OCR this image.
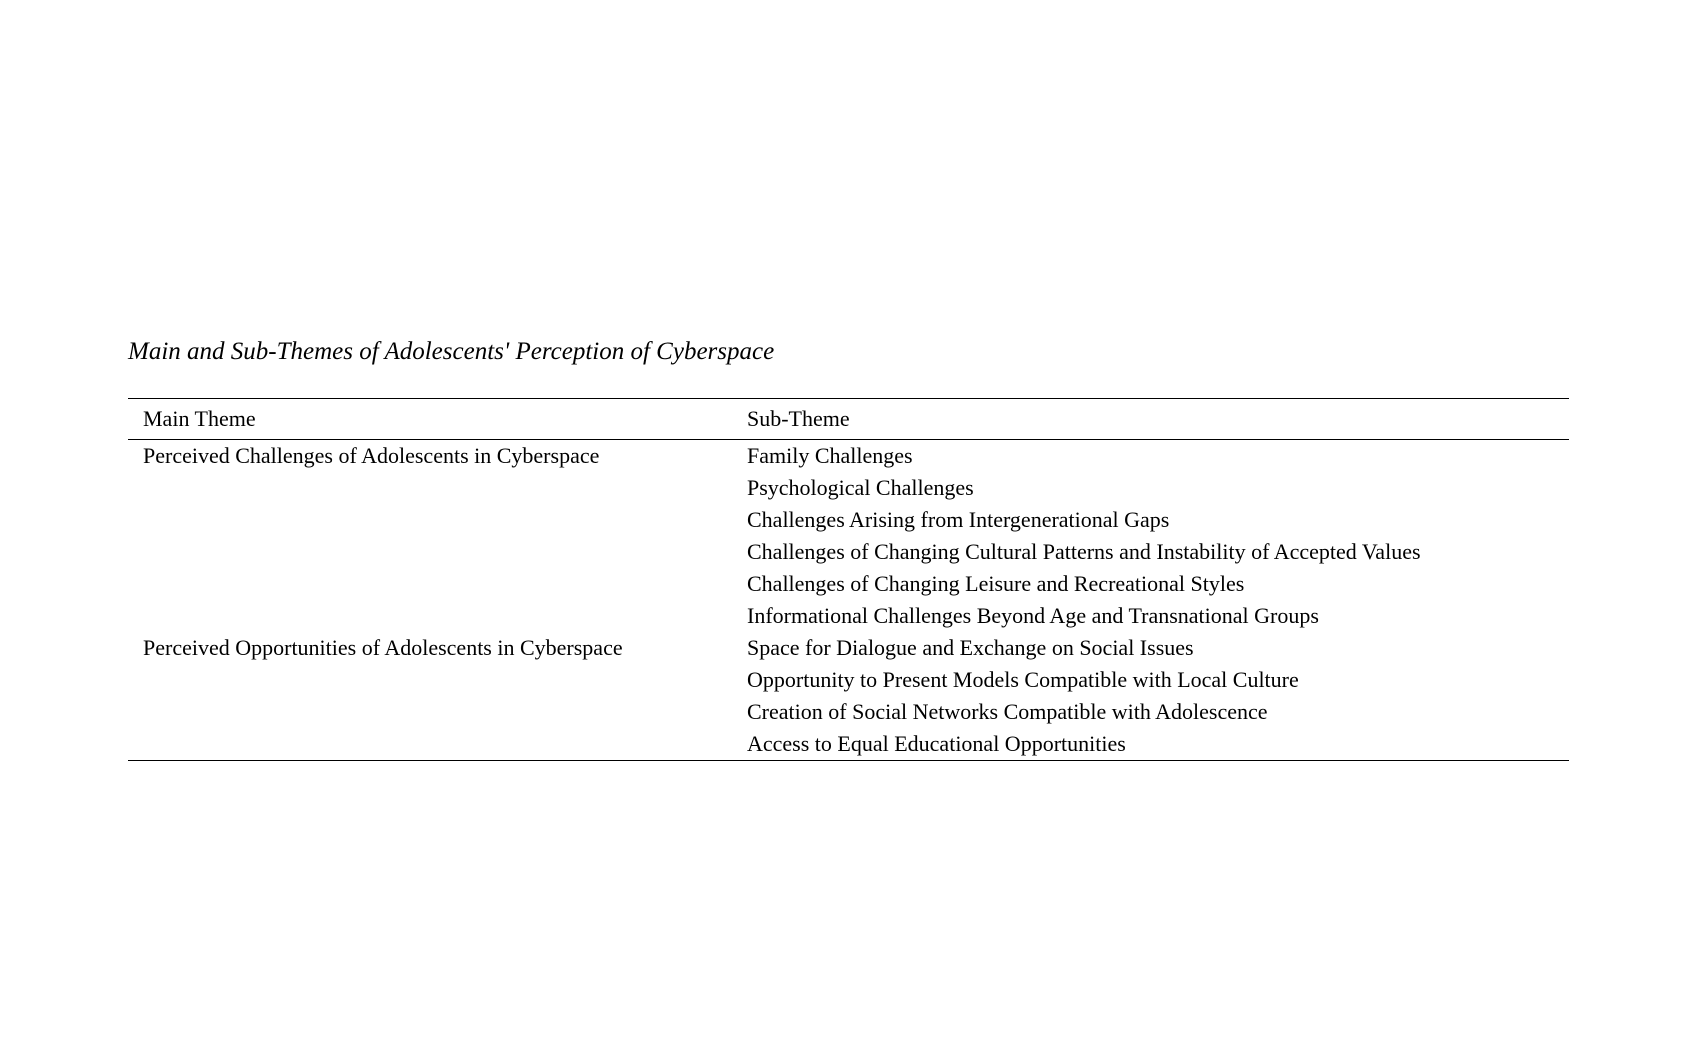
Main and Sub-Themes of Adolescents' Perception of Cyberspace
Main Theme	Sub-Theme
Perceived Challenges of Adolescents in Cyberspace	Family Challenges
	Psychological Challenges
	Challenges Arising from Intergenerational Gaps
	Challenges of Changing Cultural Patterns and Instability of Accepted Values
	Challenges of Changing Leisure and Recreational Styles
	Informational Challenges Beyond Age and Transnational Groups
Perceived Opportunities of Adolescents in Cyberspace	Space for Dialogue and Exchange on Social Issues
	Opportunity to Present Models Compatible with Local Culture
	Creation of Social Networks Compatible with Adolescence
	Access to Equal Educational Opportunities
